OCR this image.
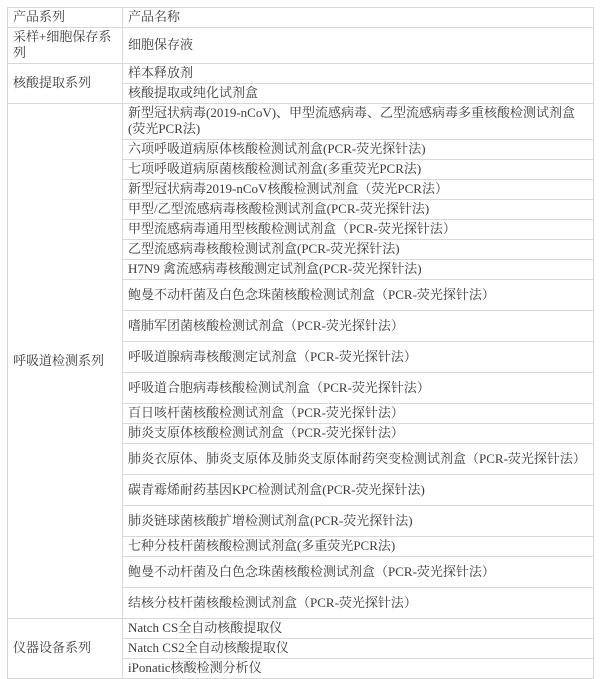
产品系列	产品名称
采样+细胞保存系列	细胞保存液
核酸提取系列	样本释放剂
	核酸提取或纯化试剂盒
呼吸道检测系列	新型冠状病毒(2019-nCoV)、甲型流感病毒、乙型流感病毒多重核酸检测试剂盒(荧光PCR法)
	六项呼吸道病原体核酸检测试剂盒(PCR-荧光探针法)
	七项呼吸道病原菌核酸检测试剂盒(多重荧光PCR法)
	新型冠状病毒2019-nCoV核酸检测试剂盒（荧光PCR法）
	甲型/乙型流感病毒核酸检测试剂盒(PCR-荧光探针法)
	甲型流感病毒通用型核酸检测试剂盒（PCR-荧光探针法）
	乙型流感病毒核酸检测试剂盒(PCR-荧光探针法)
	H7N9 禽流感病毒核酸测定试剂盒(PCR-荧光探针法)
	鲍曼不动杆菌及白色念珠菌核酸检测试剂盒（PCR-荧光探针法）
	嗜肺军团菌核酸检测试剂盒（PCR-荧光探针法）
	呼吸道腺病毒核酸测定试剂盒（PCR-荧光探针法）
	呼吸道合胞病毒核酸检测试剂盒（PCR-荧光探针法）
	百日咳杆菌核酸检测试剂盒（PCR-荧光探针法）
	肺炎支原体核酸检测试剂盒（PCR-荧光探针法）
	肺炎衣原体、肺炎支原体及肺炎支原体耐药突变检测试剂盒（PCR-荧光探针法）
	碳青霉烯耐药基因KPC检测试剂盒(PCR-荧光探针法)
	肺炎链球菌核酸扩增检测试剂盒(PCR-荧光探针法)
	七种分枝杆菌核酸检测试剂盒(多重荧光PCR法)
	鲍曼不动杆菌及白色念珠菌核酸检测试剂盒（PCR-荧光探针法）
	结核分枝杆菌核酸检测试剂盒（PCR-荧光探针法）
仪器设备系列	Natch CS全自动核酸提取仪
	Natch CS2全自动核酸提取仪
	iPonatic核酸检测分析仪
